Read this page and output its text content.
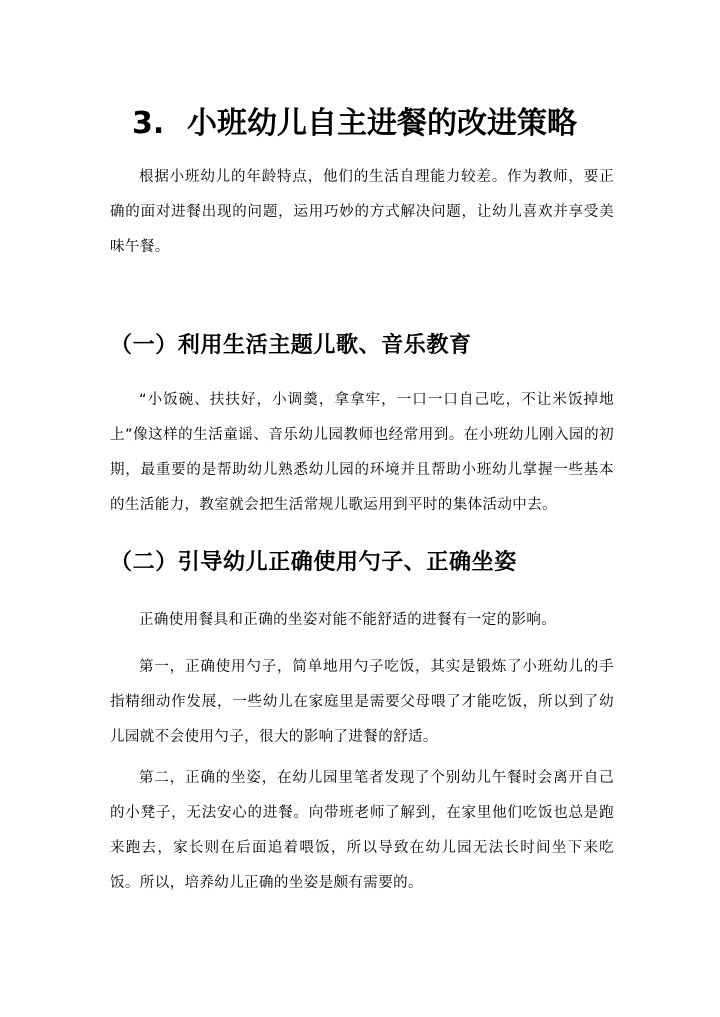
3. 小班幼儿自主进餐的改进策略

根据小班幼儿的年龄特点，他们的生活自理能力较差。作为教师，要正确的面对进餐出现的问题，运用巧妙的方式解决问题，让幼儿喜欢并享受美味午餐。

（一）利用生活主题儿歌、音乐教育

“小饭碗、扶扶好，小调羹，拿拿牢，一口一口自己吃，不让米饭掉地上”像这样的生活童谣、音乐幼儿园教师也经常用到。在小班幼儿刚入园的初期，最重要的是帮助幼儿熟悉幼儿园的环境并且帮助小班幼儿掌握一些基本的生活能力，教室就会把生活常规儿歌运用到平时的集体活动中去。

（二）引导幼儿正确使用勺子、正确坐姿

正确使用餐具和正确的坐姿对能不能舒适的进餐有一定的影响。

第一，正确使用勺子，简单地用勺子吃饭，其实是锻炼了小班幼儿的手指精细动作发展，一些幼儿在家庭里是需要父母喂了才能吃饭，所以到了幼儿园就不会使用勺子，很大的影响了进餐的舒适。

第二，正确的坐姿，在幼儿园里笔者发现了个别幼儿午餐时会离开自己的小凳子，无法安心的进餐。向带班老师了解到，在家里他们吃饭也总是跑来跑去，家长则在后面追着喂饭，所以导致在幼儿园无法长时间坐下来吃饭。所以，培养幼儿正确的坐姿是颇有需要的。
